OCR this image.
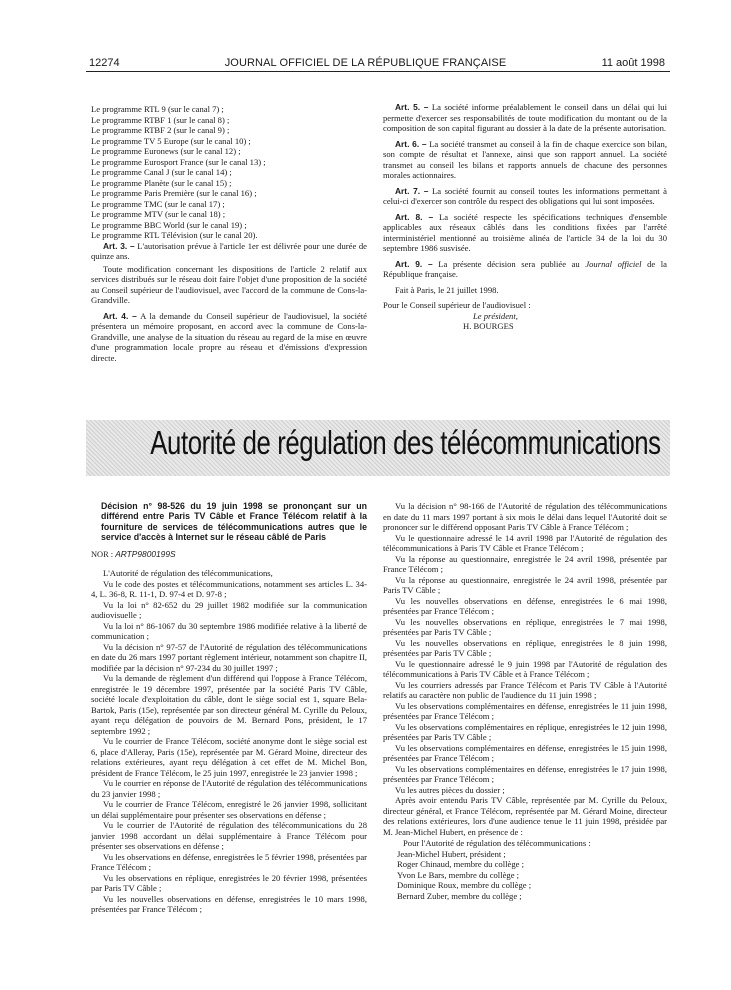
12274	JOURNAL OFFICIEL DE LA RÉPUBLIQUE FRANÇAISE	11 août 1998

Le programme RTL 9 (sur le canal 7) ;

Le programme RTBF 1 (sur le canal 8) ;

Le programme RTBF 2 (sur le canal 9) ;

Le programme TV 5 Europe (sur le canal 10) ;

Le programme Euronews (sur le canal 12) ;

Le programme Eurosport France (sur le canal 13) ;

Le programme Canal J (sur le canal 14) ;

Le programme Planète (sur le canal 15) ;

Le programme Paris Première (sur le canal 16) ;

Le programme TMC (sur le canal 17) ;

Le programme MTV (sur le canal 18) ;

Le programme BBC World (sur le canal 19) ;

Le programme RTL Télévision (sur le canal 20).

Art. 3. – L'autorisation prévue à l'article 1er est délivrée pour une durée de quinze ans.

Toute modification concernant les dispositions de l'article 2 relatif aux services distribués sur le réseau doit faire l'objet d'une proposition de la société au Conseil supérieur de l'audiovisuel, avec l'accord de la commune de Cons-la-Grandville.

Art. 4. – A la demande du Conseil supérieur de l'audiovisuel, la société présentera un mémoire proposant, en accord avec la commune de Cons-la-Grandville, une analyse de la situation du réseau au regard de la mise en œuvre d'une programmation locale propre au réseau et d'émissions d'expression directe.

Art. 5. – La société informe préalablement le conseil dans un délai qui lui permette d'exercer ses responsabilités de toute modification du montant ou de la composition de son capital figurant au dossier à la date de la présente autorisation.

Art. 6. – La société transmet au conseil à la fin de chaque exercice son bilan, son compte de résultat et l'annexe, ainsi que son rapport annuel. La société transmet au conseil les bilans et rapports annuels de chacune des personnes morales actionnaires.

Art. 7. – La société fournit au conseil toutes les informations permettant à celui-ci d'exercer son contrôle du respect des obligations qui lui sont imposées.

Art. 8. – La société respecte les spécifications techniques d'ensemble applicables aux réseaux câblés dans les conditions fixées par l'arrêté interministériel mentionné au troisième alinéa de l'article 34 de la loi du 30 septembre 1986 susvisée.

Art. 9. – La présente décision sera publiée au Journal officiel de la République française.

Fait à Paris, le 21 juillet 1998.

Pour le Conseil supérieur de l'audiovisuel :

Le président,

H. BOURGES

Autorité de régulation des télécommunications

Décision n° 98-526 du 19 juin 1998 se prononçant sur un différend entre Paris TV Câble et France Télécom relatif à la fourniture de services de télécommunications autres que le service d'accès à Internet sur le réseau câblé de Paris

NOR : ARTP9800199S

L'Autorité de régulation des télécommunications,

Vu le code des postes et télécommunications, notamment ses articles L. 34-4, L. 36-8, R. 11-1, D. 97-4 et D. 97-8 ;

Vu la loi n° 82-652 du 29 juillet 1982 modifiée sur la communication audiovisuelle ;

Vu la loi n° 86-1067 du 30 septembre 1986 modifiée relative à la liberté de communication ;

Vu la décision n° 97-57 de l'Autorité de régulation des télécommunications en date du 26 mars 1997 portant règlement intérieur, notamment son chapitre II, modifiée par la décision n° 97-234 du 30 juillet 1997 ;

Vu la demande de règlement d'un différend qui l'oppose à France Télécom, enregistrée le 19 décembre 1997, présentée par la société Paris TV Câble, société locale d'exploitation du câble, dont le siège social est 1, square Bela-Bartok, Paris (15e), représentée par son directeur général M. Cyrille du Peloux, ayant reçu délégation de pouvoirs de M. Bernard Pons, président, le 17 septembre 1992 ;

Vu le courrier de France Télécom, société anonyme dont le siège social est 6, place d'Alleray, Paris (15e), représentée par M. Gérard Moine, directeur des relations extérieures, ayant reçu délégation à cet effet de M. Michel Bon, président de France Télécom, le 25 juin 1997, enregistrée le 23 janvier 1998 ;

Vu le courrier en réponse de l'Autorité de régulation des télécommunications du 23 janvier 1998 ;

Vu le courrier de France Télécom, enregistré le 26 janvier 1998, sollicitant un délai supplémentaire pour présenter ses observations en défense ;

Vu le courrier de l'Autorité de régulation des télécommunications du 28 janvier 1998 accordant un délai supplémentaire à France Télécom pour présenter ses observations en défense ;

Vu les observations en défense, enregistrées le 5 février 1998, présentées par France Télécom ;

Vu les observations en réplique, enregistrées le 20 février 1998, présentées par Paris TV Câble ;

Vu les nouvelles observations en défense, enregistrées le 10 mars 1998, présentées par France Télécom ;

Vu la décision n° 98-166 de l'Autorité de régulation des télécommunications en date du 11 mars 1997 portant à six mois le délai dans lequel l'Autorité doit se prononcer sur le différend opposant Paris TV Câble à France Télécom ;

Vu le questionnaire adressé le 14 avril 1998 par l'Autorité de régulation des télécommunications à Paris TV Câble et France Télécom ;

Vu la réponse au questionnaire, enregistrée le 24 avril 1998, présentée par France Télécom ;

Vu la réponse au questionnaire, enregistrée le 24 avril 1998, présentée par Paris TV Câble ;

Vu les nouvelles observations en défense, enregistrées le 6 mai 1998, présentées par France Télécom ;

Vu les nouvelles observations en réplique, enregistrées le 7 mai 1998, présentées par Paris TV Câble ;

Vu les nouvelles observations en réplique, enregistrées le 8 juin 1998, présentées par Paris TV Câble ;

Vu le questionnaire adressé le 9 juin 1998 par l'Autorité de régulation des télécommunications à Paris TV Câble et à France Télécom ;

Vu les courriers adressés par France Télécom et Paris TV Câble à l'Autorité relatifs au caractère non public de l'audience du 11 juin 1998 ;

Vu les observations complémentaires en défense, enregistrées le 11 juin 1998, présentées par France Télécom ;

Vu les observations complémentaires en réplique, enregistrées le 12 juin 1998, présentées par Paris TV Câble ;

Vu les observations complémentaires en défense, enregistrées le 15 juin 1998, présentées par France Télécom ;

Vu les observations complémentaires en défense, enregistrées le 17 juin 1998, présentées par France Télécom ;

Vu les autres pièces du dossier ;

Après avoir entendu Paris TV Câble, représentée par M. Cyrille du Peloux, directeur général, et France Télécom, représentée par M. Gérard Moine, directeur des relations extérieures, lors d'une audience tenue le 11 juin 1998, présidée par M. Jean-Michel Hubert, en présence de :

Pour l'Autorité de régulation des télécommunications :

Jean-Michel Hubert, président ;

Roger Chinaud, membre du collège ;

Yvon Le Bars, membre du collège ;

Dominique Roux, membre du collège ;

Bernard Zuber, membre du collège ;
